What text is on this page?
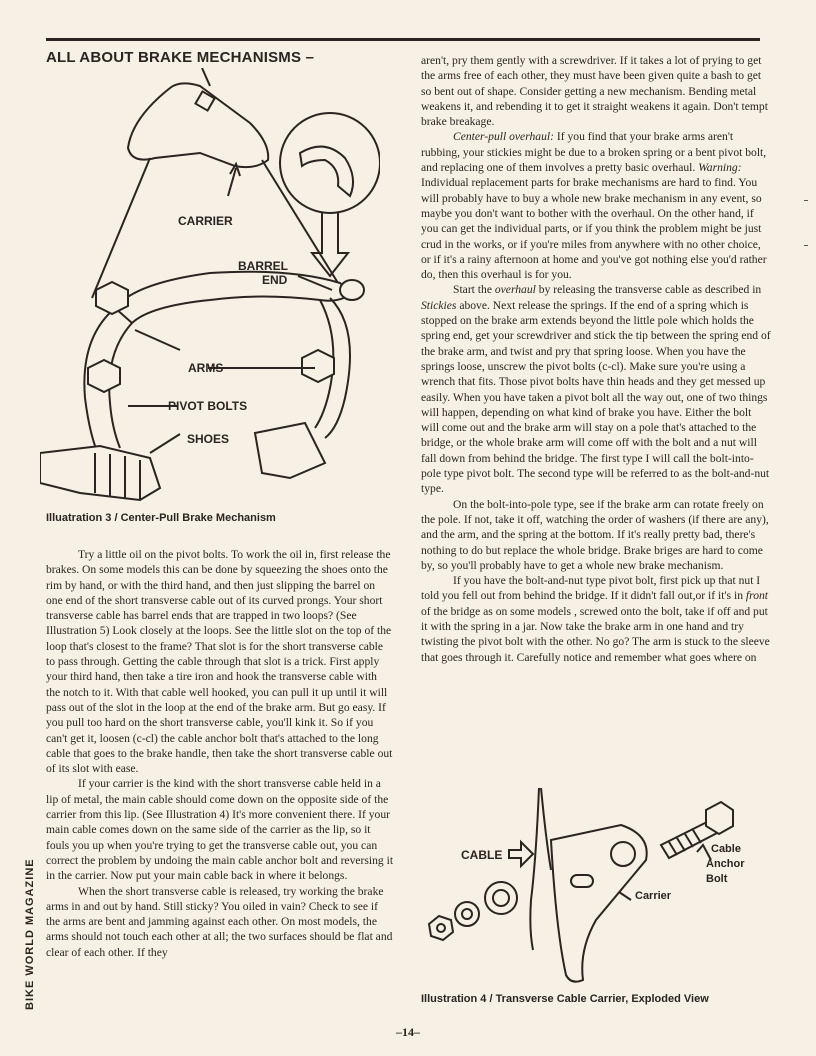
ALL ABOUT BRAKE MECHANISMS –
CARRIER
BARREL
END
ARMS
PIVOT BOLTS
SHOES
Illuatration 3 / Center-Pull Brake Mechanism

Try a little oil on the pivot bolts. To work the oil in, first release the brakes. On some models this can be done by squeezing the shoes onto the rim by hand, or with the third hand, and then just slipping the barrel on one end of the short transverse cable out of its curved prongs. Your short transverse cable has barrel ends that are trapped in two loops? (See Illustration 5) Look closely at the loops. See the little slot on the top of the loop that's closest to the frame? That slot is for the short transverse cable to pass through. Getting the cable through that slot is a trick. First apply your third hand, then take a tire iron and hook the transverse cable with the notch to it. With that cable well hooked, you can pull it up until it will pass out of the slot in the loop at the end of the brake arm. But go easy. If you pull too hard on the short transverse cable, you'll kink it. So if you can't get it, loosen (c-cl) the cable anchor bolt that's attached to the long cable that goes to the brake handle, then take the short transverse cable out of its slot with ease.

If your carrier is the kind with the short transverse cable held in a lip of metal, the main cable should come down on the opposite side of the carrier from this lip. (See Illustration 4) It's more convenient there. If your main cable comes down on the same side of the carrier as the lip, so it fouls you up when you're trying to get the transverse cable out, you can correct the problem by undoing the main cable anchor bolt and reversing it in the carrier. Now put your main cable back in where it belongs.

When the short transverse cable is released, try working the brake arms in and out by hand. Still sticky? You oiled in vain? Check to see if the arms are bent and jamming against each other. On most models, the arms should not touch each other at all; the two surfaces should be flat and clear of each other. If they

aren't, pry them gently with a screwdriver. If it takes a lot of prying to get the arms free of each other, they must have been given quite a bash to get so bent out of shape. Consider getting a new mechanism. Bending metal weakens it, and rebending it to get it straight weakens it again. Don't tempt brake breakage.

Center-pull overhaul: If you find that your brake arms aren't rubbing, your stickies might be due to a broken spring or a bent pivot bolt, and replacing one of them involves a pretty basic overhaul. Warning: Individual replacement parts for brake mechanisms are hard to find. You will probably have to buy a whole new brake mechanism in any event, so maybe you don't want to bother with the overhaul. On the other hand, if you can get the individual parts, or if you think the problem might be just crud in the works, or if you're miles from anywhere with no other choice, or if it's a rainy afternoon at home and you've got nothing else you'd rather do, then this overhaul is for you.

Start the overhaul by releasing the transverse cable as described in Stickies above. Next release the springs. If the end of a spring which is stopped on the brake arm extends beyond the little pole which holds the spring end, get your screwdriver and stick the tip between the spring end of the brake arm, and twist and pry that spring loose. When you have the springs loose, unscrew the pivot bolts (c-cl). Make sure you're using a wrench that fits. Those pivot bolts have thin heads and they get messed up easily. When you have taken a pivot bolt all the way out, one of two things will happen, depending on what kind of brake you have. Either the bolt will come out and the brake arm will stay on a pole that's attached to the bridge, or the whole brake arm will come off with the bolt and a nut will fall down from behind the bridge. The first type I will call the bolt-into-pole type pivot bolt. The second type will be referred to as the bolt-and-nut type.

On the bolt-into-pole type, see if the brake arm can rotate freely on the pole. If not, take it off, watching the order of washers (if there are any), and the arm, and the spring at the bottom. If it's really pretty bad, there's nothing to do but replace the whole bridge. Brake briges are hard to come by, so you'll probably have to get a whole new brake mechanism.

If you have the bolt-and-nut type pivot bolt, first pick up that nut I told you fell out from behind the bridge. If it didn't fall out,or if it's in front of the bridge as on some models , screwed onto the bolt, take if off and put it with the spring in a jar. Now take the brake arm in one hand and try twisting the pivot bolt with the other. No go? The arm is stuck to the sleeve that goes through it. Carefully notice and remember what goes where on

CABLE	Cable
Anchor
Bolt
Carrier
Illustration 4 / Transverse Cable Carrier, Exploded View
BIKE WORLD MAGAZINE
–14–
